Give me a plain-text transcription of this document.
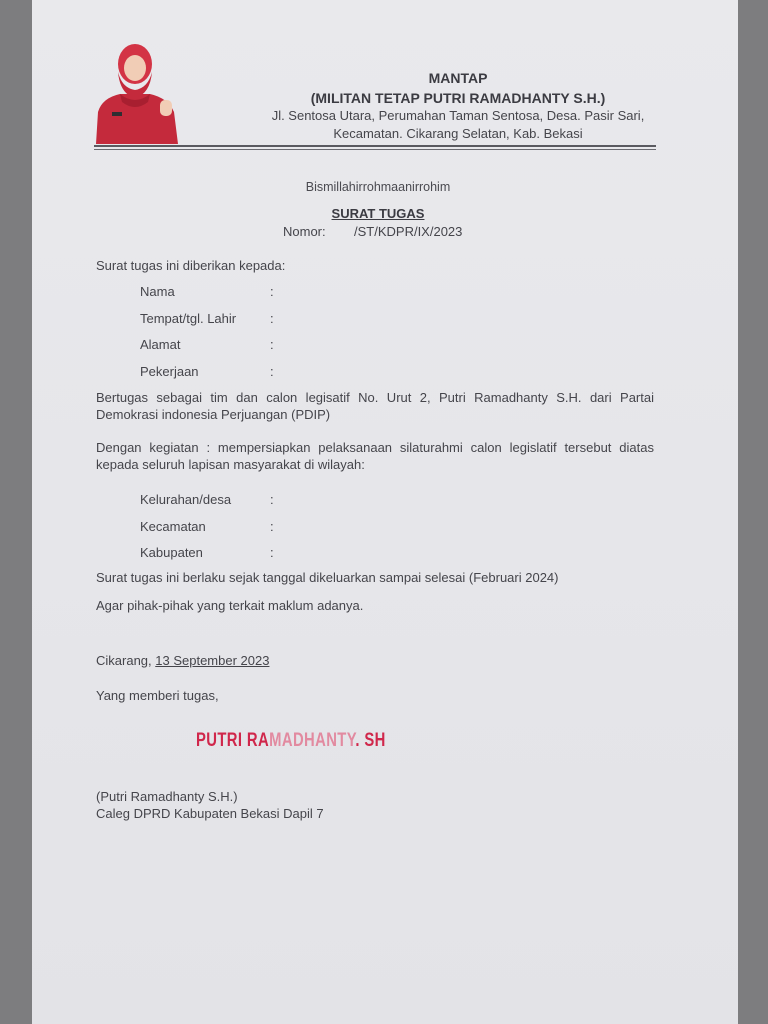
MANTAP
(MILITAN TETAP PUTRI RAMADHANTY S.H.)
Jl. Sentosa Utara, Perumahan Taman Sentosa, Desa. Pasir Sari,
Kecamatan. Cikarang Selatan, Kab. Bekasi
Bismillahirrohmaanirrohim
SURAT TUGAS
Nomor: /ST/KDPR/IX/2023
Surat tugas ini diberikan kepada:
Nama	:
Tempat/tgl. Lahir	:
Alamat	:
Pekerjaan	:
Bertugas sebagai tim dan calon legisatif No. Urut 2, Putri Ramadhanty S.H. dari Partai Demokrasi indonesia Perjuangan (PDIP)
Dengan kegiatan : mempersiapkan pelaksanaan silaturahmi calon legislatif tersebut diatas kepada seluruh lapisan masyarakat di wilayah:
Kelurahan/desa	:
Kecamatan	:
Kabupaten	:
Surat tugas ini berlaku sejak tanggal dikeluarkan sampai selesai (Februari 2024)
Agar pihak-pihak yang terkait maklum adanya.
Cikarang, 13 September 2023
Yang memberi tugas,
PUTRI RAMADHANTY. SH
(Putri Ramadhanty S.H.)
Caleg DPRD Kabupaten Bekasi Dapil 7
